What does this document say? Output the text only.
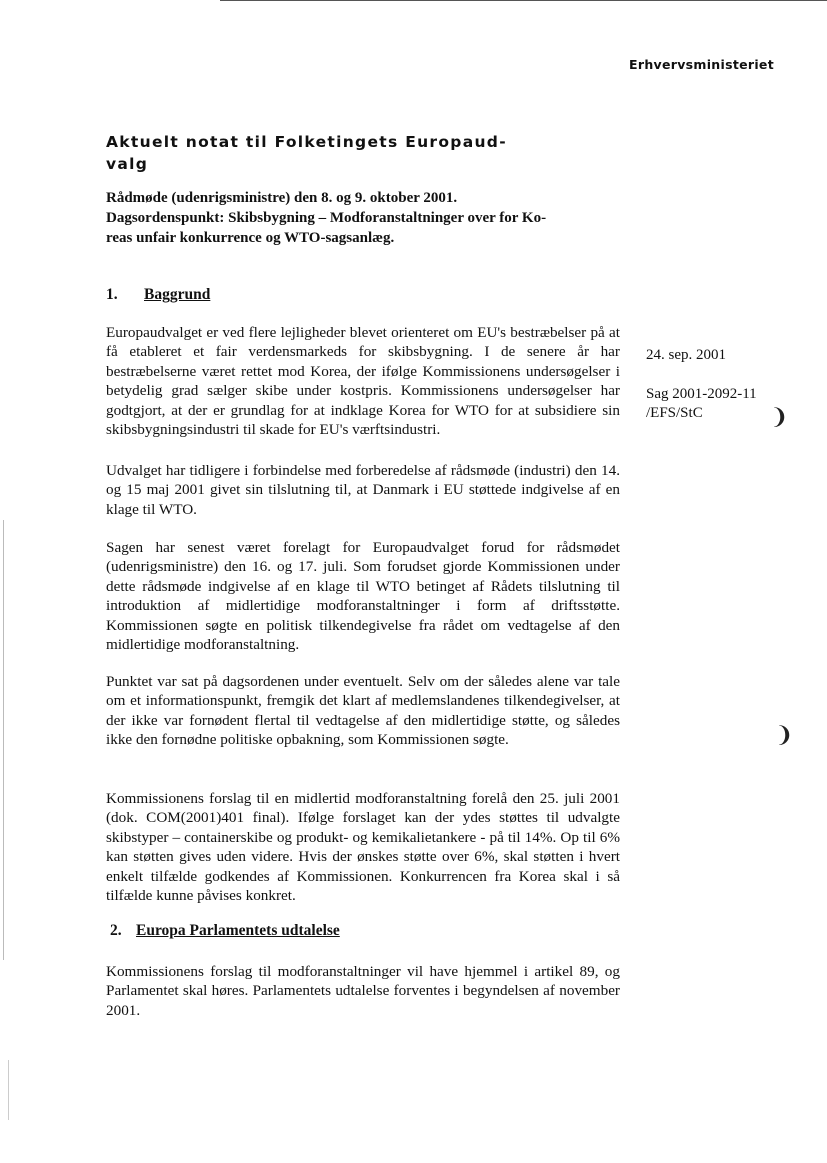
Erhvervsministeriet
Aktuelt notat til Folketingets Europaud-
valg
Rådmøde (udenrigsministre) den 8. og 9. oktober 2001.
Dagsordenspunkt: Skibsbygning – Modforanstaltninger over for Ko-
reas unfair konkurrence og WTO-sagsanlæg.
1. Baggrund
Europaudvalget er ved flere lejligheder blevet orienteret om EU's bestræbelser på at få etableret et fair verdensmarkeds for skibsbygning. I de senere år har bestræbelserne været rettet mod Korea, der ifølge Kommissionens undersøgelser i betydelig grad sælger skibe under kostpris. Kommissionens undersøgelser har godtgjort, at der er grundlag for at indklage Korea for WTO for at subsidiere sin skibsbygningsindustri til skade for EU's værftsindustri.
Udvalget har tidligere i forbindelse med forberedelse af rådsmøde (industri) den 14. og 15 maj 2001 givet sin tilslutning til, at Danmark i EU støttede indgivelse af en klage til WTO.
Sagen har senest været forelagt for Europaudvalget forud for rådsmødet (udenrigsministre) den 16. og 17. juli. Som forudset gjorde Kommissionen under dette rådsmøde indgivelse af en klage til WTO betinget af Rådets tilslutning til introduktion af midlertidige modforanstaltninger i form af driftsstøtte. Kommissionen søgte en politisk tilkendegivelse fra rådet om vedtagelse af den midlertidige modforanstaltning.
Punktet var sat på dagsordenen under eventuelt. Selv om der således alene var tale om et informationspunkt, fremgik det klart af medlemslandenes tilkendegivelser, at der ikke var fornødent flertal til vedtagelse af den midlertidige støtte, og således ikke den fornødne politiske opbakning, som Kommissionen søgte.
Kommissionens forslag til en midlertid modforanstaltning forelå den 25. juli 2001 (dok. COM(2001)401 final). Ifølge forslaget kan der ydes støttes til udvalgte skibstyper – containerskibe og produkt- og kemikalietankere - på til 14%. Op til 6% kan støtten gives uden videre. Hvis der ønskes støtte over 6%, skal støtten i hvert enkelt tilfælde godkendes af Kommissionen. Konkurrencen fra Korea skal i så tilfælde kunne påvises konkret.
2. Europa Parlamentets udtalelse
Kommissionens forslag til modforanstaltninger vil have hjemmel i artikel 89, og Parlamentet skal høres. Parlamentets udtalelse forventes i begyndelsen af november 2001.
24. sep. 2001
Sag 2001-2092-11
/EFS/StC	❩
❩
